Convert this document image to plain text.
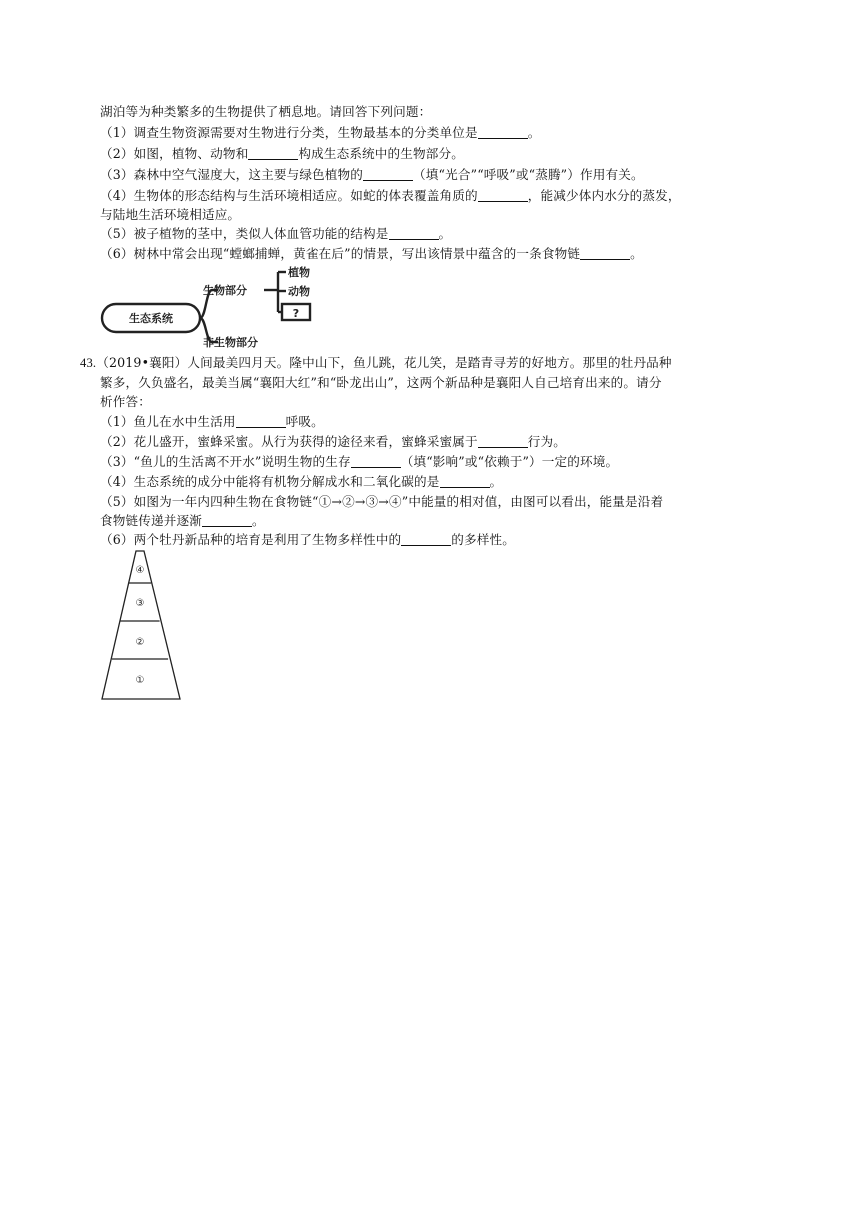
湖泊等为种类繁多的生物提供了栖息地。请回答下列问题：
（1）调查生物资源需要对生物进行分类，生物最基本的分类单位是	。
（2）如图，植物、动物和	构成生态系统中的生物部分。
（3）森林中空气湿度大，这主要与绿色植物的	（填“光合”“呼吸”或“蒸腾”）作用有关。
（4）生物体的形态结构与生活环境相适应。如蛇的体表覆盖角质的	，能减少体内水分的蒸发，
与陆地生活环境相适应。
（5）被子植物的茎中，类似人体血管功能的结构是	。
（6）树林中常会出现“螳螂捕蝉，黄雀在后”的情景，写出该情景中蕴含的一条食物链	。
生态系统
生物部分
非生物部分
植物
动物
?
43.（2019•襄阳）人间最美四月天。隆中山下，鱼儿跳，花儿笑，是踏青寻芳的好地方。那里的牡丹品种
繁多，久负盛名，最美当属“襄阳大红”和“卧龙出山”，这两个新品种是襄阳人自己培育出来的。请分
析作答：
（1）鱼儿在水中生活用	呼吸。
（2）花儿盛开，蜜蜂采蜜。从行为获得的途径来看，蜜蜂采蜜属于	行为。
（3）“鱼儿的生活离不开水”说明生物的生存	（填“影响”或“依赖于”）一定的环境。
（4）生态系统的成分中能将有机物分解成水和二氧化碳的是	。
（5）如图为一年内四种生物在食物链“①→②→③→④”中能量的相对值，由图可以看出，能量是沿着
食物链传递并逐渐	。
（6）两个牡丹新品种的培育是利用了生物多样性中的	的多样性。
④
③
②
①
